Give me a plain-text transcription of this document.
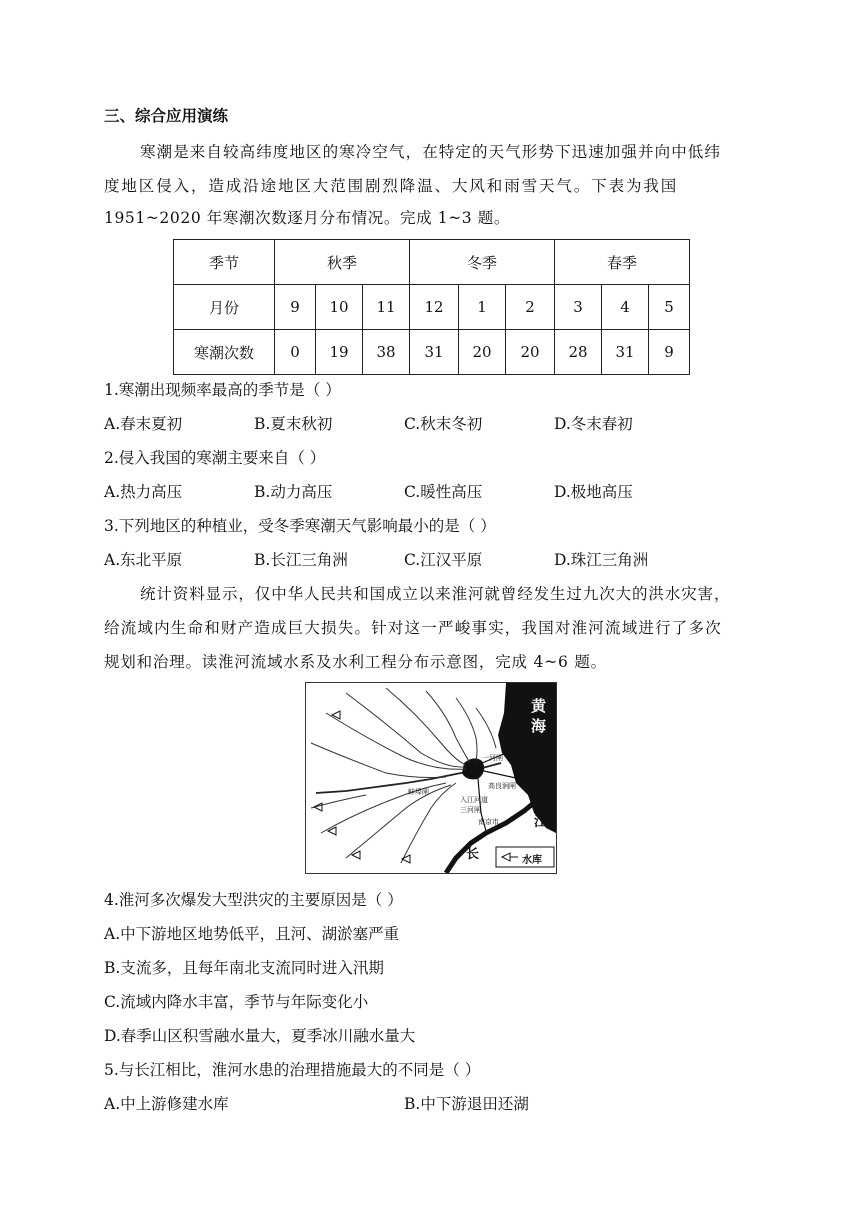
三、综合应用演练
寒潮是来自较高纬度地区的寒冷空气，在特定的天气形势下迅速加强并向中低纬
度地区侵入，造成沿途地区大范围剧烈降温、大风和雨雪天气。下表为我国
1951~2020 年寒潮次数逐月分布情况。完成 1~3 题。
季节	秋季			冬季			春季		
月份	9	10	11	12	1	2	3	4	5
寒潮次数	0	19	38	31	20	20	28	31	9
1.寒潮出现频率最高的季节是（ ）
A.春末夏初	B.夏末秋初	C.秋末冬初	D.冬末春初
2.侵入我国的寒潮主要来自（ ）
A.热力高压	B.动力高压	C.暖性高压	D.极地高压
3.下列地区的种植业，受冬季寒潮天气影响最小的是（ ）
A.东北平原	B.长江三角洲	C.江汉平原	D.珠江三角洲
统计资料显示，仅中华人民共和国成立以来淮河就曾经发生过九次大的洪水灾害，
给流域内生命和财产造成巨大损失。针对这一严峻事实，我国对淮河流域进行了多次
规划和治理。读淮河流域水系及水利工程分布示意图，完成 4~6 题。
黄
海
一河闸
高良涧闸
蚌埠闸
入江河道
三河闸
南京市	江
长	水库
4.淮河多次爆发大型洪灾的主要原因是（ ）
A.中下游地区地势低平，且河、湖淤塞严重
B.支流多，且每年南北支流同时进入汛期
C.流域内降水丰富，季节与年际变化小
D.春季山区积雪融水量大，夏季冰川融水量大
5.与长江相比，淮河水患的治理措施最大的不同是（ ）
A.中上游修建水库	B.中下游退田还湖
